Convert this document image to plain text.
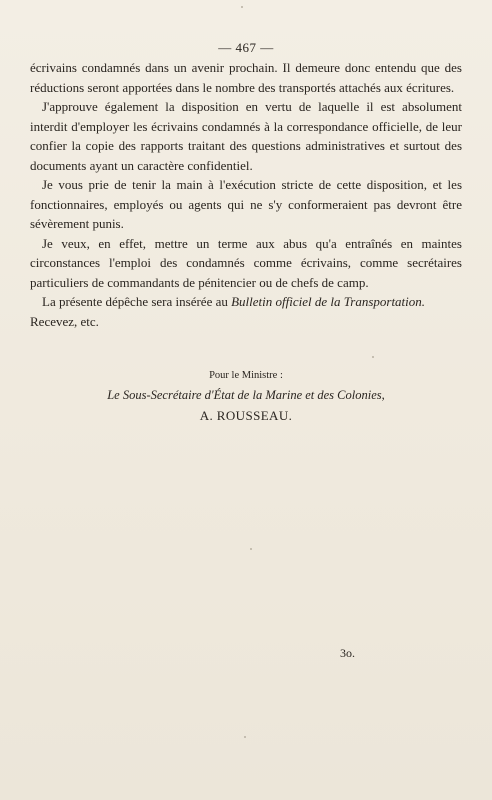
— 467 —

écrivains condamnés dans un avenir prochain. Il demeure donc entendu que des réductions seront apportées dans le nombre des transportés attachés aux écritures.

J'approuve également la disposition en vertu de laquelle il est absolument interdit d'employer les écrivains condamnés à la correspondance officielle, de leur confier la copie des rapports traitant des questions administratives et surtout des documents ayant un caractère confidentiel.

Je vous prie de tenir la main à l'exécution stricte de cette disposition, et les fonctionnaires, employés ou agents qui ne s'y conformeraient pas devront être sévèrement punis.

Je veux, en effet, mettre un terme aux abus qu'a entraînés en maintes circonstances l'emploi des condamnés comme écrivains, comme secrétaires particuliers de commandants de pénitencier ou de chefs de camp.

La présente dépêche sera insérée au Bulletin officiel de la Transportation.

Recevez, etc.

Pour le Ministre :
Le Sous-Secrétaire d'État de la Marine et des Colonies,
A. ROUSSEAU.
3o.
